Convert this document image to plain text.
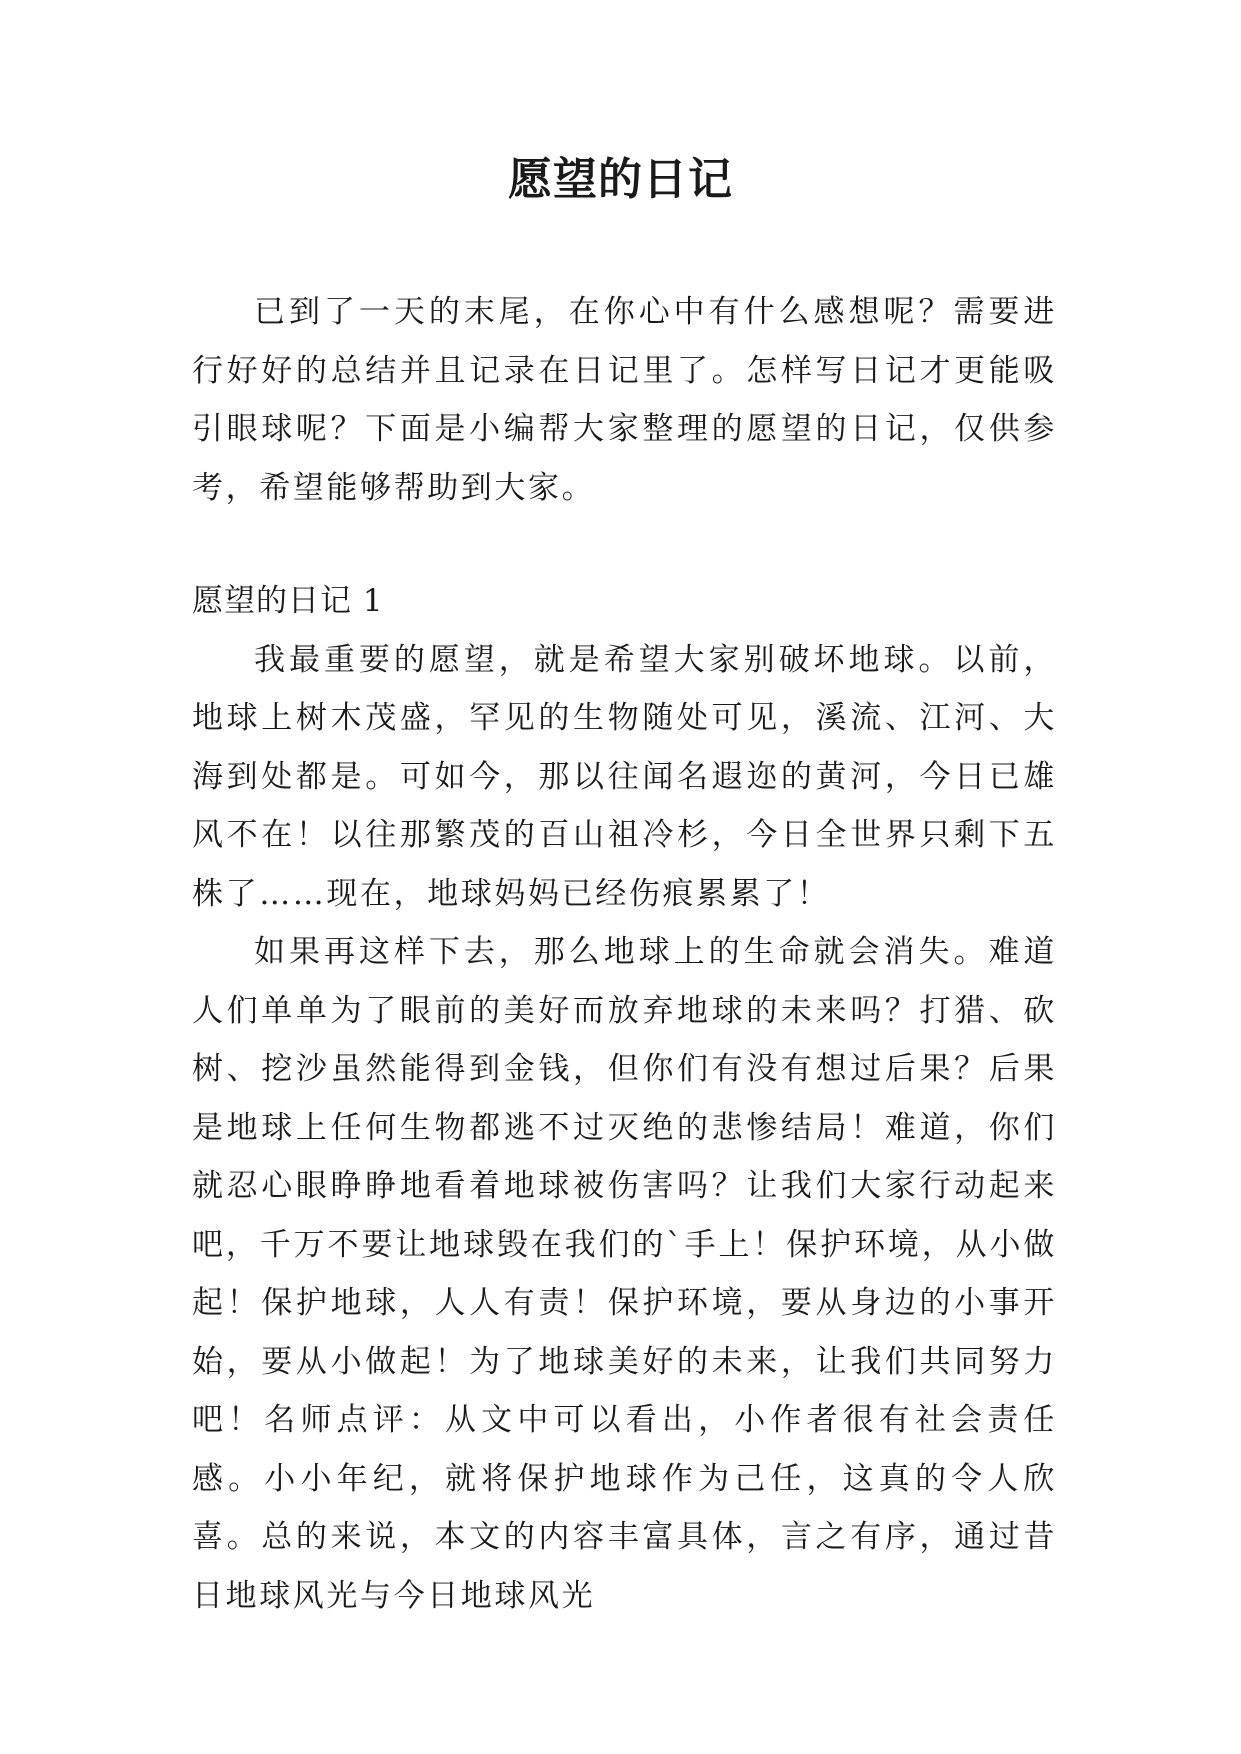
愿望的日记

已到了一天的末尾，在你心中有什么感想呢？需要进行好好的总结并且记录在日记里了。怎样写日记才更能吸引眼球呢？下面是小编帮大家整理的愿望的日记，仅供参考，希望能够帮助到大家。

愿望的日记 1

我最重要的愿望，就是希望大家别破坏地球。以前，地球上树木茂盛，罕见的生物随处可见，溪流、江河、大海到处都是。可如今，那以往闻名遐迩的黄河，今日已雄风不在！以往那繁茂的百山祖冷杉，今日全世界只剩下五株了……现在，地球妈妈已经伤痕累累了！

如果再这样下去，那么地球上的生命就会消失。难道人们单单为了眼前的美好而放弃地球的未来吗？打猎、砍树、挖沙虽然能得到金钱，但你们有没有想过后果？后果是地球上任何生物都逃不过灭绝的悲惨结局！难道，你们就忍心眼睁睁地看着地球被伤害吗？让我们大家行动起来吧，千万不要让地球毁在我们的`手上！保护环境，从小做起！保护地球，人人有责！保护环境，要从身边的小事开始，要从小做起！为了地球美好的未来，让我们共同努力吧！名师点评：从文中可以看出，小作者很有社会责任感。小小年纪，就将保护地球作为己任，这真的令人欣喜。总的来说，本文的内容丰富具体，言之有序，通过昔日地球风光与今日地球风光
